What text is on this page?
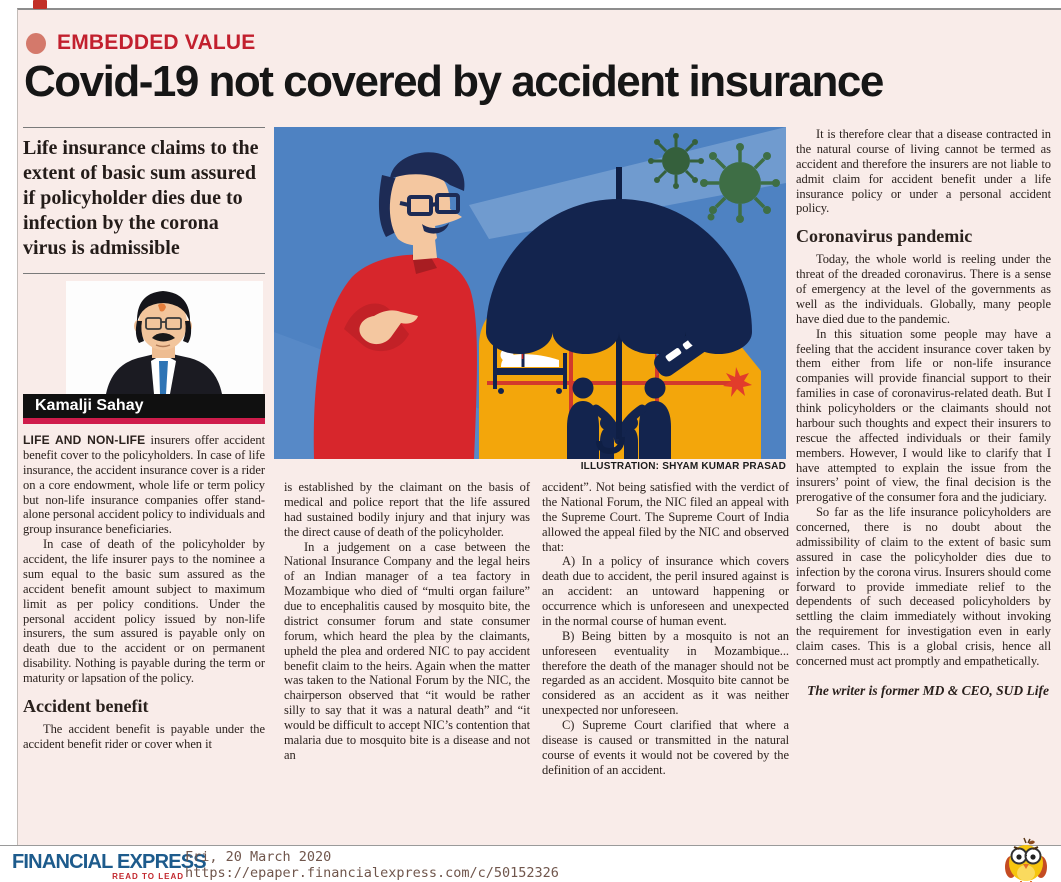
EMBEDDED VALUE
Covid-19 not covered by accident insurance
Life insurance claims to the extent of basic sum assured if policyholder dies due to infection by the corona virus is admissible
Kamalji Sahay

LIFE AND NON-LIFE insurers offer accident benefit cover to the policyholders. In case of life insurance, the accident insurance cover is a rider on a core endowment, whole life or term policy but non-life insurance companies offer stand-alone personal accident policy to individuals and group insurance beneficiaries.

In case of death of the policyholder by accident, the life insurer pays to the nominee a sum equal to the basic sum assured as the accident benefit amount subject to maximum limit as per policy conditions. Under the personal accident policy issued by non-life insurers, the sum assured is payable only on death due to the accident or on permanent disability. Nothing is payable during the term or maturity or lapsation of the policy.

Accident benefit

The accident benefit is payable under the accident benefit rider or cover when it

ILLUSTRATION: SHYAM KUMAR PRASAD

is established by the claimant on the basis of medical and police report that the life assured had sustained bodily injury and that injury was the direct cause of death of the policyholder.

In a judgement on a case between the National Insurance Company and the legal heirs of an Indian manager of a tea factory in Mozambique who died of “multi organ failure” due to encephalitis caused by mosquito bite, the district consumer forum and state consumer forum, which heard the plea by the claimants, upheld the plea and ordered NIC to pay accident benefit claim to the heirs. Again when the matter was taken to the National Forum by the NIC, the chairperson observed that “it would be rather silly to say that it was a natural death” and “it would be difficult to accept NIC’s contention that malaria due to mosquito bite is a disease and not an

accident”. Not being satisfied with the verdict of the National Forum, the NIC filed an appeal with the Supreme Court. The Supreme Court of India allowed the appeal filed by the NIC and observed that:

A) In a policy of insurance which covers death due to accident, the peril insured against is an accident: an untoward happening or occurrence which is unforeseen and unexpected in the normal course of human event.

B) Being bitten by a mosquito is not an unforeseen eventuality in Mozambique... therefore the death of the manager should not be regarded as an accident. Mosquito bite cannot be considered as an accident as it was neither unexpected nor unforeseen.

C) Supreme Court clarified that where a disease is caused or transmitted in the natural course of events it would not be covered by the definition of an accident.

It is therefore clear that a disease contracted in the natural course of living cannot be termed as accident and therefore the insurers are not liable to admit claim for accident benefit under a life insurance policy or under a personal accident policy.

Coronavirus pandemic

Today, the whole world is reeling under the threat of the dreaded coronavirus. There is a sense of emergency at the level of the governments as well as the individuals. Globally, many people have died due to the pandemic.

In this situation some people may have a feeling that the accident insurance cover taken by them either from life or non-life insurance companies will provide financial support to their families in case of coronavirus-related death. But I think policyholders or the claimants should not harbour such thoughts and expect their insurers to rescue the affected individuals or their family members. However, I would like to clarify that I have attempted to explain the issue from the insurers’ point of view, the final decision is the prerogative of the consumer fora and the judiciary.

So far as the life insurance policyholders are concerned, there is no doubt about the admissibility of claim to the extent of basic sum assured in case the policyholder dies due to infection by the corona virus. Insurers should come forward to provide immediate relief to the dependents of such deceased policyholders by settling the claim immediately without invoking the requirement for investigation even in early claim cases. This is a global crisis, hence all concerned must act promptly and empathetically.

The writer is former MD & CEO, SUD Life
FINANCIAL EXPRESS
READ TO LEAD
Fri, 20 March 2020
https://epaper.financialexpress.com/c/50152326
